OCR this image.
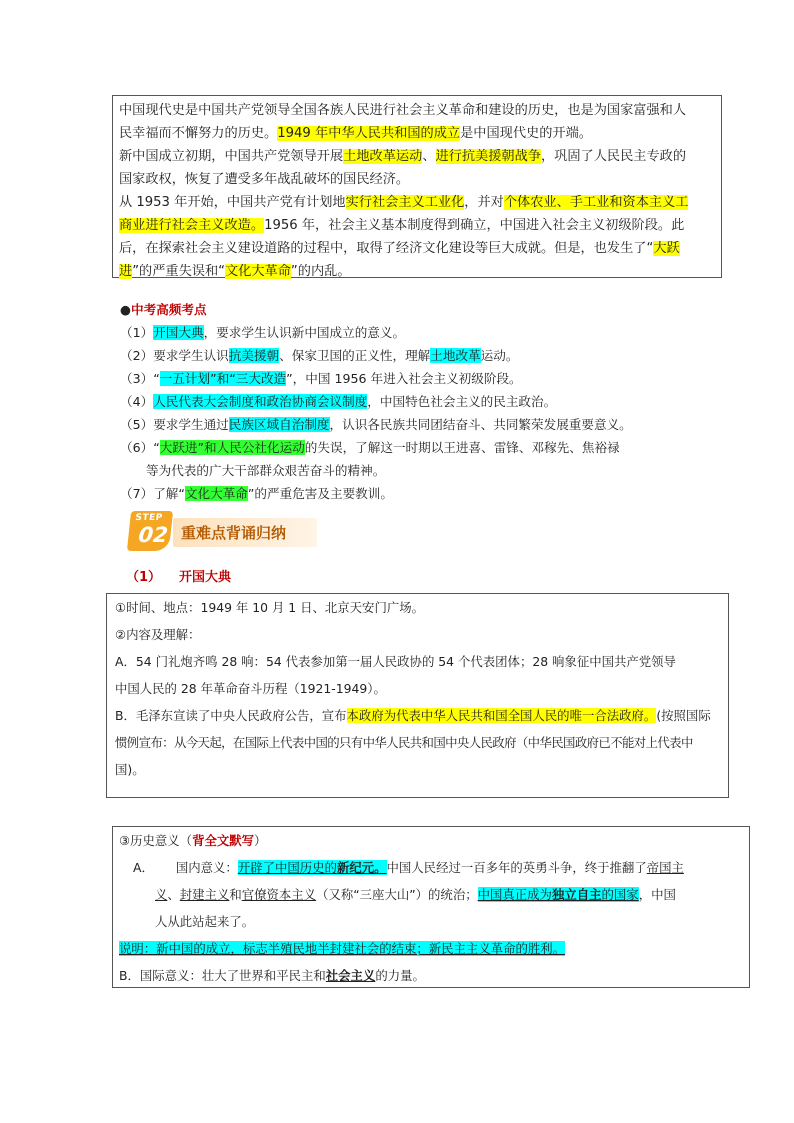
中国现代史是中国共产党领导全国各族人民进行社会主义革命和建设的历史，也是为国家富强和人

民幸福而不懈努力的历史。1949 年中华人民共和国的成立是中国现代史的开端。

新中国成立初期，中国共产党领导开展土地改革运动、进行抗美援朝战争，巩固了人民民主专政的

国家政权，恢复了遭受多年战乱破坏的国民经济。

从 1953 年开始，中国共产党有计划地实行社会主义工业化，并对个体农业、手工业和资本主义工

商业进行社会主义改造。1956 年，社会主义基本制度得到确立，中国进入社会主义初级阶段。此

后，在探索社会主义建设道路的过程中，取得了经济文化建设等巨大成就。但是，也发生了“大跃

进”的严重失误和“文化大革命”的内乱。

●中考高频考点
（1）开国大典，要求学生认识新中国成立的意义。
（2）要求学生认识抗美援朝、保家卫国的正义性，理解土地改革运动。
（3）“一五计划”和“三大改造”，中国 1956 年进入社会主义初级阶段。
（4）人民代表大会制度和政治协商会议制度，中国特色社会主义的民主政治。
（5）要求学生通过民族区域自治制度，认识各民族共同团结奋斗、共同繁荣发展重要意义。
（6）“大跃进”和人民公社化运动的失误，了解这一时期以王进喜、雷锋、邓稼先、焦裕禄
等为代表的广大干部群众艰苦奋斗的精神。
（7）了解“文化大革命”的严重危害及主要教训。
STEP
02 重难点背诵归纳
（1） 开国大典

①时间、地点：1949 年 10 月 1 日、北京天安门广场。

②内容及理解：

A．54 门礼炮齐鸣 28 响：54 代表参加第一届人民政协的 54 个代表团体；28 响象征中国共产党领导

中国人民的 28 年革命奋斗历程（1921-1949）。

B．毛泽东宣读了中央人民政府公告，宣布本政府为代表中华人民共和国全国人民的唯一合法政府。(按照国际

惯例宣布：从今天起，在国际上代表中国的只有中华人民共和国中央人民政府（中华民国政府已不能对上代表中

国)。

③历史意义（背全文默写）

A． 国内意义：开辟了中国历史的新纪元。中国人民经过一百多年的英勇斗争，终于推翻了帝国主

义、封建主义和官僚资本主义（又称“三座大山”）的统治；中国真正成为独立自主的国家，中国

人从此站起来了。

说明：新中国的成立，标志半殖民地半封建社会的结束；新民主主义革命的胜利。

B．国际意义：壮大了世界和平民主和社会主义的力量。
